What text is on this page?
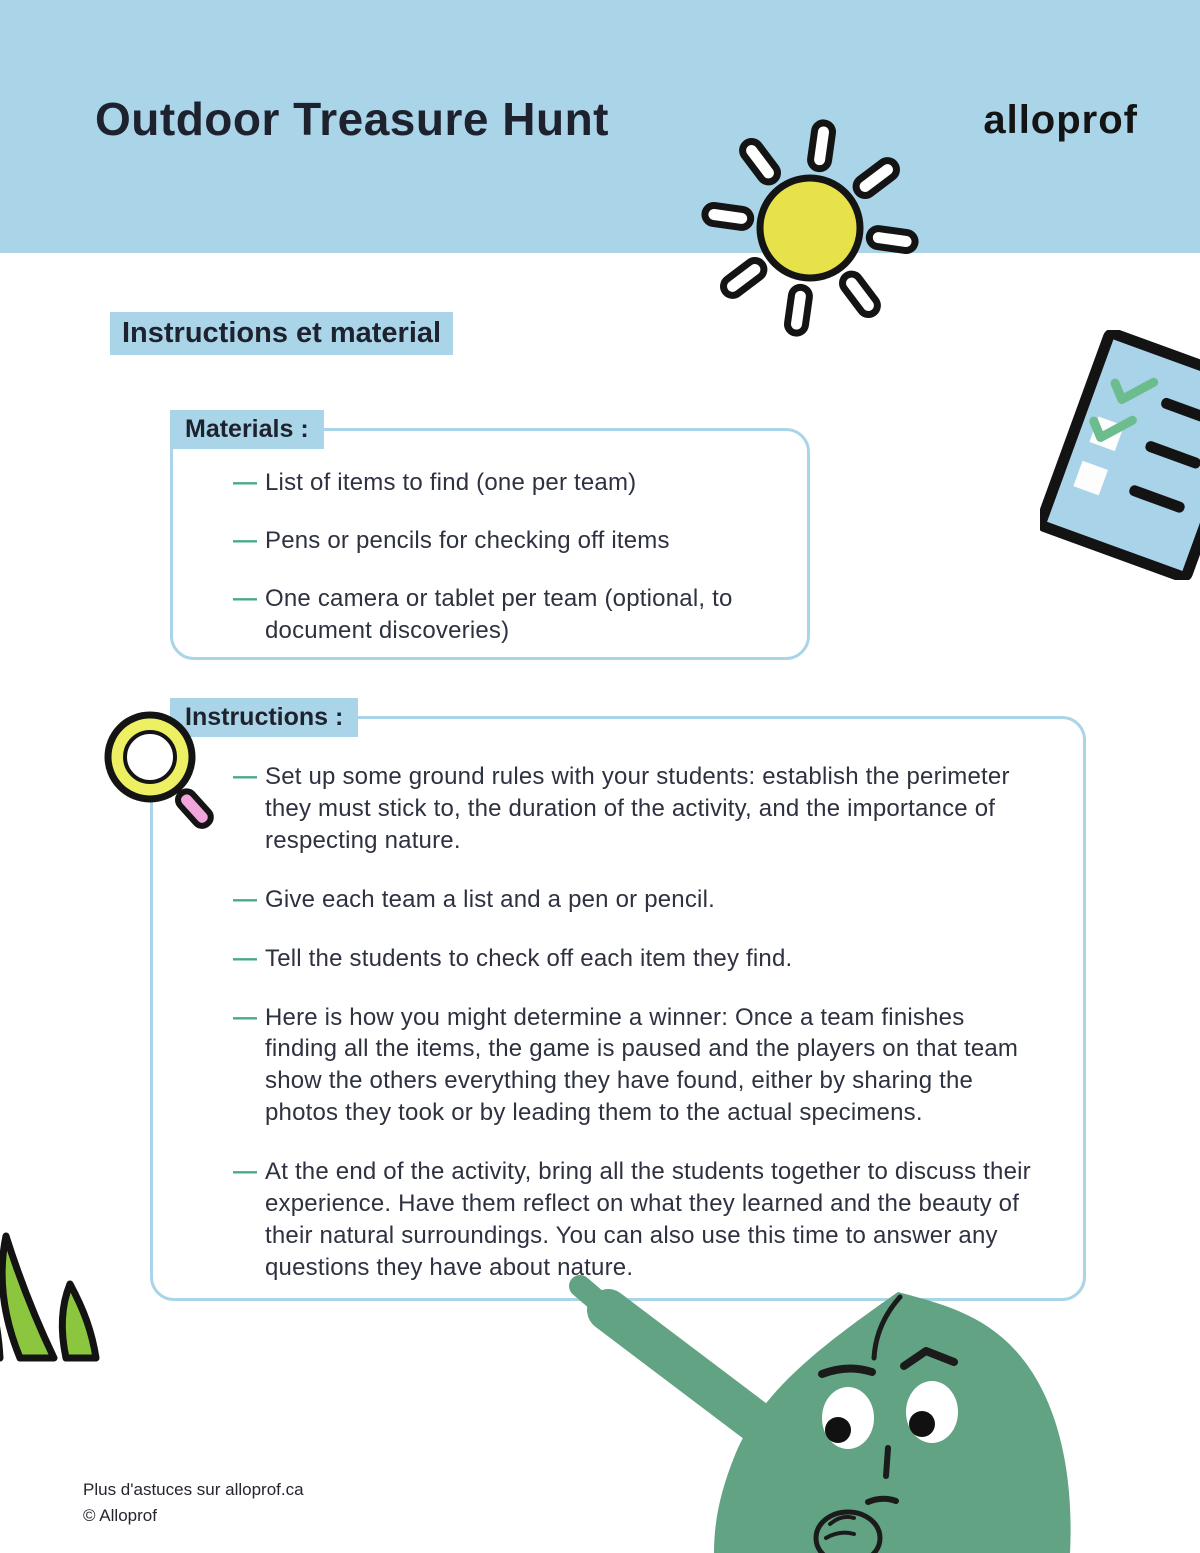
Outdoor Treasure Hunt	alloprof
Instructions et material
Materials :
— List of items to find (one per team)
— Pens or pencils for checking off items
— One camera or tablet per team (optional, to document discoveries)
Instructions :
— Set up some ground rules with your students: establish the perimeter they must stick to, the duration of the activity, and the importance of respecting nature.
— Give each team a list and a pen or pencil.
— Tell the students to check off each item they find.
— Here is how you might determine a winner: Once a team finishes finding all the items, the game is paused and the players on that team show the others everything they have found, either by sharing the photos they took or by leading them to the actual specimens.
— At the end of the activity, bring all the students together to discuss their experience. Have them reflect on what they learned and the beauty of their natural surroundings. You can also use this time to answer any questions they have about nature.
Plus d'astuces sur alloprof.ca
© Alloprof
